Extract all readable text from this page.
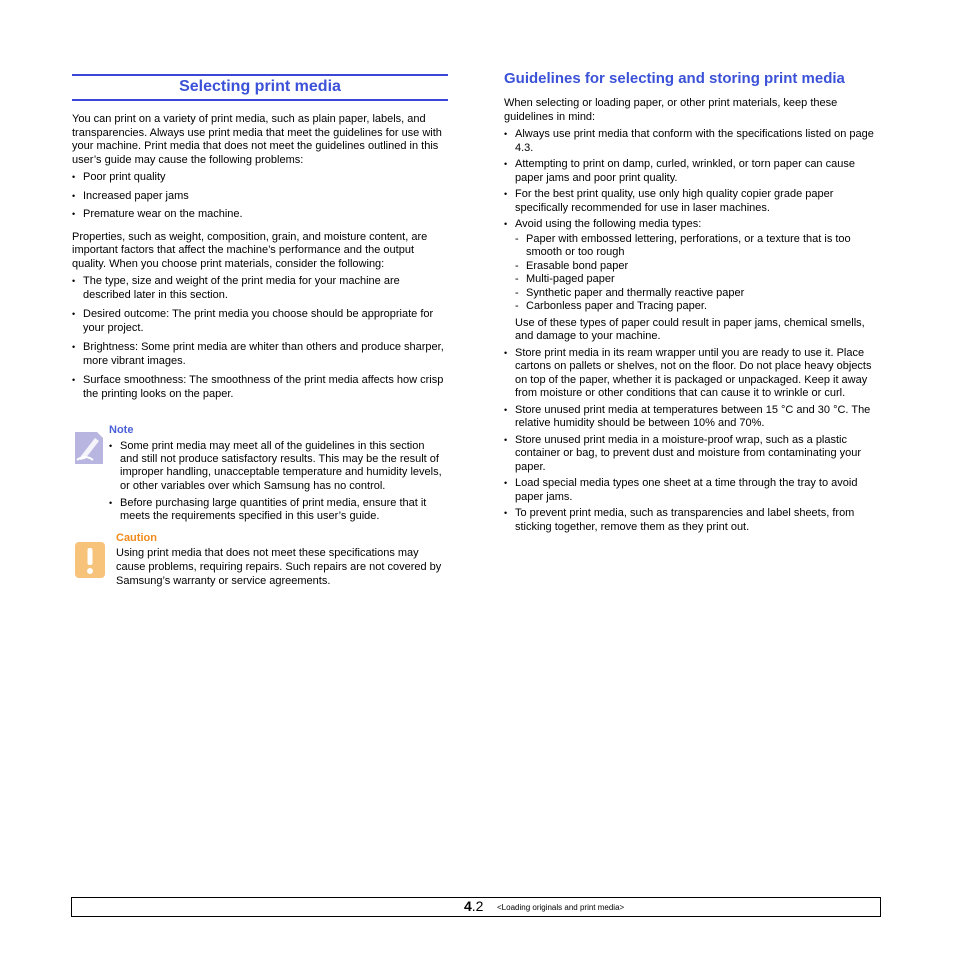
Selecting print media

You can print on a variety of print media, such as plain paper, labels, and transparencies. Always use print media that meet the guidelines for use with your machine. Print media that does not meet the guidelines outlined in this user’s guide may cause the following problems:

• Poor print quality
• Increased paper jams
• Premature wear on the machine.

Properties, such as weight, composition, grain, and moisture content, are important factors that affect the machine’s performance and the output quality. When you choose print materials, consider the following:

• The type, size and weight of the print media for your machine are described later in this section.
• Desired outcome: The print media you choose should be appropriate for your project.
• Brightness: Some print media are whiter than others and produce sharper, more vibrant images.
• Surface smoothness: The smoothness of the print media affects how crisp the printing looks on the paper.
Note
• Some print media may meet all of the guidelines in this section and still not produce satisfactory results. This may be the result of improper handling, unacceptable temperature and humidity levels, or other variables over which Samsung has no control.
• Before purchasing large quantities of print media, ensure that it meets the requirements specified in this user’s guide.
Caution

Using print media that does not meet these specifications may cause problems, requiring repairs. Such repairs are not covered by Samsung’s warranty or service agreements.

Guidelines for selecting and storing print media

When selecting or loading paper, or other print materials, keep these guidelines in mind:

• Always use print media that conform with the specifications listed on page 4.3.
• Attempting to print on damp, curled, wrinkled, or torn paper can cause paper jams and poor print quality.
• For the best print quality, use only high quality copier grade paper specifically recommended for use in laser machines.
• Avoid using the following media types:
- Paper with embossed lettering, perforations, or a texture that is too smooth or too rough
- Erasable bond paper
- Multi-paged paper
- Synthetic paper and thermally reactive paper
- Carbonless paper and Tracing paper.

Use of these types of paper could result in paper jams, chemical smells, and damage to your machine.

• Store print media in its ream wrapper until you are ready to use it. Place cartons on pallets or shelves, not on the floor. Do not place heavy objects on top of the paper, whether it is packaged or unpackaged. Keep it away from moisture or other conditions that can cause it to wrinkle or curl.
• Store unused print media at temperatures between 15 °C and 30 °C. The relative humidity should be between 10% and 70%.
• Store unused print media in a moisture-proof wrap, such as a plastic container or bag, to prevent dust and moisture from contaminating your paper.
• Load special media types one sheet at a time through the tray to avoid paper jams.
• To prevent print media, such as transparencies and label sheets, from sticking together, remove them as they print out.
4.2 <Loading originals and print media>
